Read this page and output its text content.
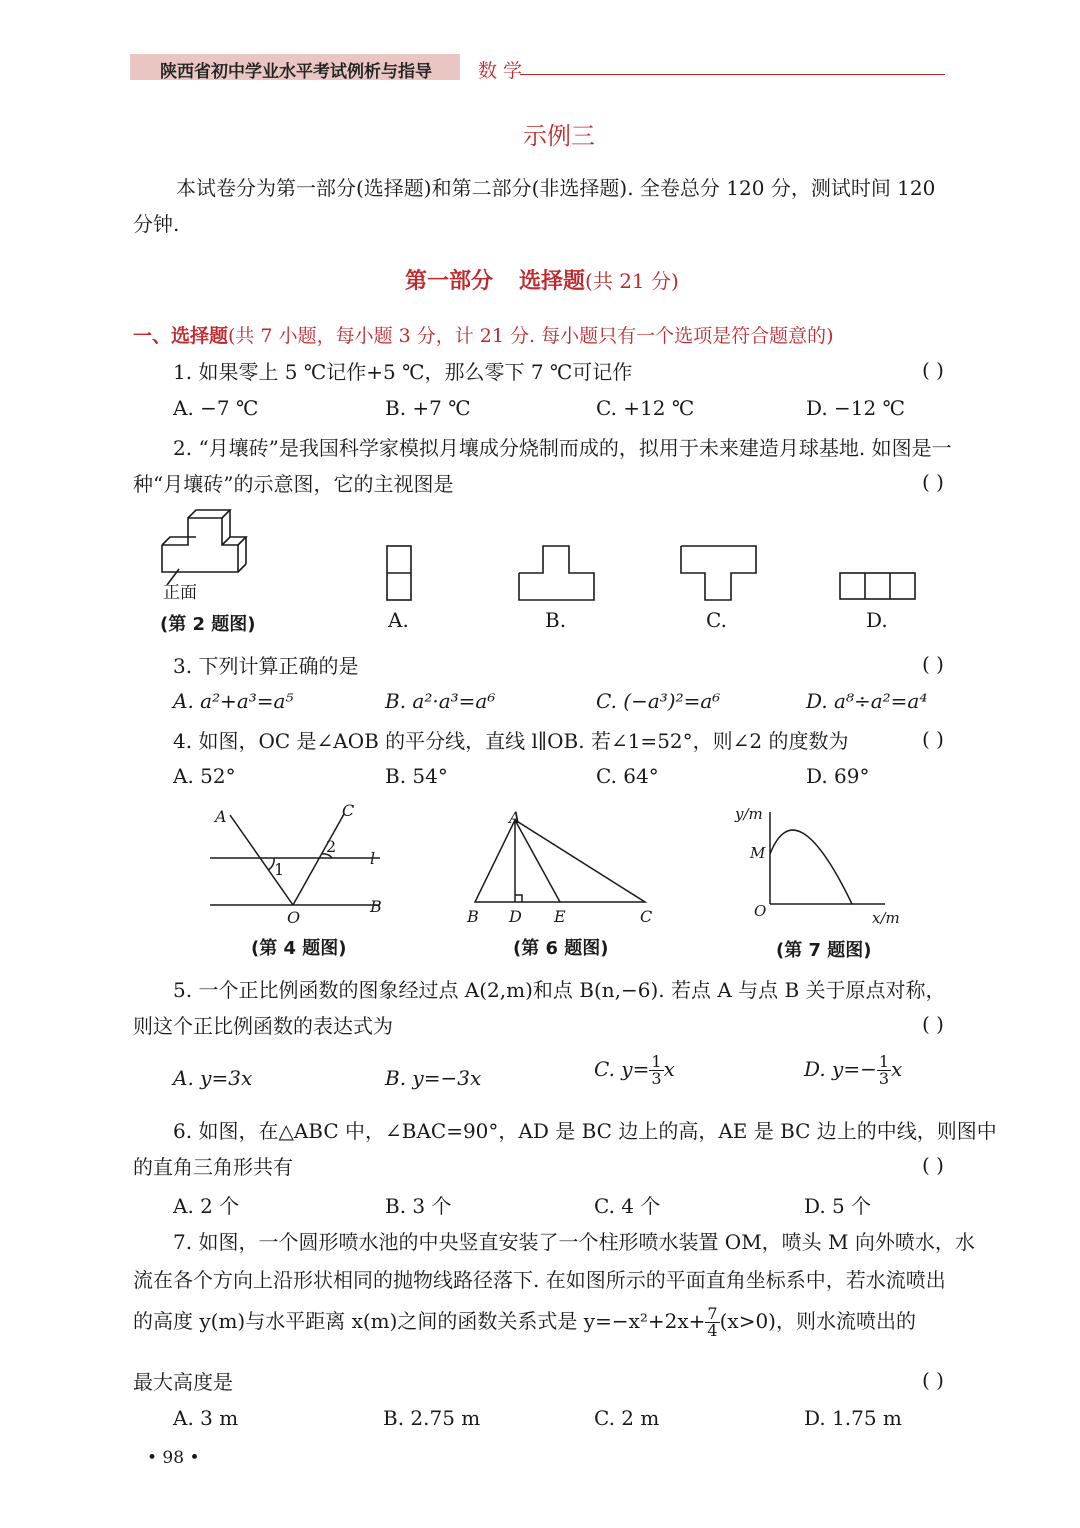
陕西省初中学业水平考试例析与指导 数 学
示例三
本试卷分为第一部分(选择题)和第二部分(非选择题). 全卷总分 120 分，测试时间 120
分钟.
第一部分 选择题(共 21 分)
一、选择题(共 7 小题，每小题 3 分，计 21 分. 每小题只有一个选项是符合题意的)
1. 如果零上 5 ℃记作+5 ℃，那么零下 7 ℃可记作	( )
A. −7 ℃	B. +7 ℃	C. +12 ℃	D. −12 ℃
2. “月壤砖”是我国科学家模拟月壤成分烧制而成的，拟用于未来建造月球基地. 如图是一
种“月壤砖”的示意图，它的主视图是	( )
正面
(第 2 题图)	A.	B.	C.	D.
3. 下列计算正确的是	( )
A. a²+a³=a⁵	B. a²·a³=a⁶	C. (−a³)²=a⁶	D. a⁸÷a²=a⁴
4. 如图，OC 是∠AOB 的平分线，直线 l∥OB. 若∠1=52°，则∠2 的度数为	( )
A. 52°	B. 54°	C. 64°	D. 69°
A	C
1
2
l
O
B
(第 4 题图)
A
B D E	C
(第 6 题图)
y/m
M
O	x/m
(第 7 题图)
5. 一个正比例函数的图象经过点 A(2,m)和点 B(n,−6). 若点 A 与点 B 关于原点对称，
则这个正比例函数的表达式为	( )
A. y=3x	B. y=−3x	C. $y= \frac{1}{3}$ x	D. $y=- \frac{1}{3}$ x
6. 如图，在△ABC 中，∠BAC=90°，AD 是 BC 边上的高，AE 是 BC 边上的中线，则图中
的直角三角形共有	( )
A. 2 个	B. 3 个	C. 4 个	D. 5 个
7. 如图，一个圆形喷水池的中央竖直安装了一个柱形喷水装置 OM，喷头 M 向外喷水，水
流在各个方向上沿形状相同的抛物线路径落下. 在如图所示的平面直角坐标系中，若水流喷出
的高度 y(m)与水平距离 x(m)之间的函数关系式是 $y=-x^2+2x+ \frac{7}{4} (x>0)$，则水流喷出的
最大高度是	( )
A. 3 m	B. 2.75 m	C. 2 m	D. 1.75 m
• 98 •
